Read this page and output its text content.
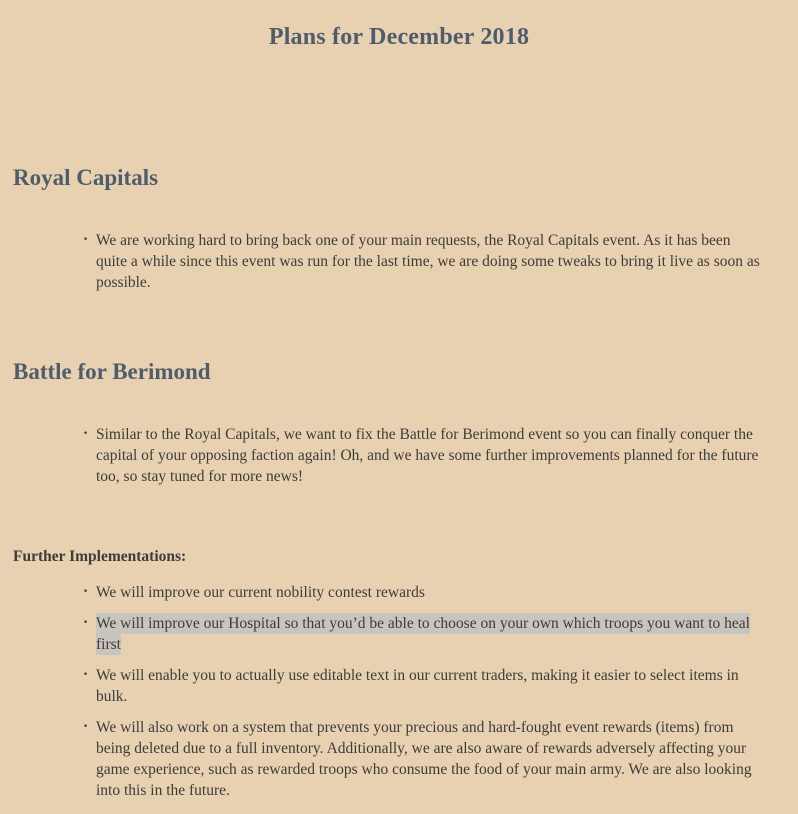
Plans for December 2018
Royal Capitals
· We are working hard to bring back one of your main requests, the Royal Capitals event. As it has been quite a while since this event was run for the last time, we are doing some tweaks to bring it live as soon as possible.
Battle for Berimond
· Similar to the Royal Capitals, we want to fix the Battle for Berimond event so you can finally conquer the capital of your opposing faction again! Oh, and we have some further improvements planned for the future too, so stay tuned for more news!
Further Implementations:
· We will improve our current nobility contest rewards
· We will improve our Hospital so that you’d be able to choose on your own which troops you want to heal first
· We will enable you to actually use editable text in our current traders, making it easier to select items in bulk.
· We will also work on a system that prevents your precious and hard-fought event rewards (items) from being deleted due to a full inventory. Additionally, we are also aware of rewards adversely affecting your game experience, such as rewarded troops who consume the food of your main army. We are also looking into this in the future.
